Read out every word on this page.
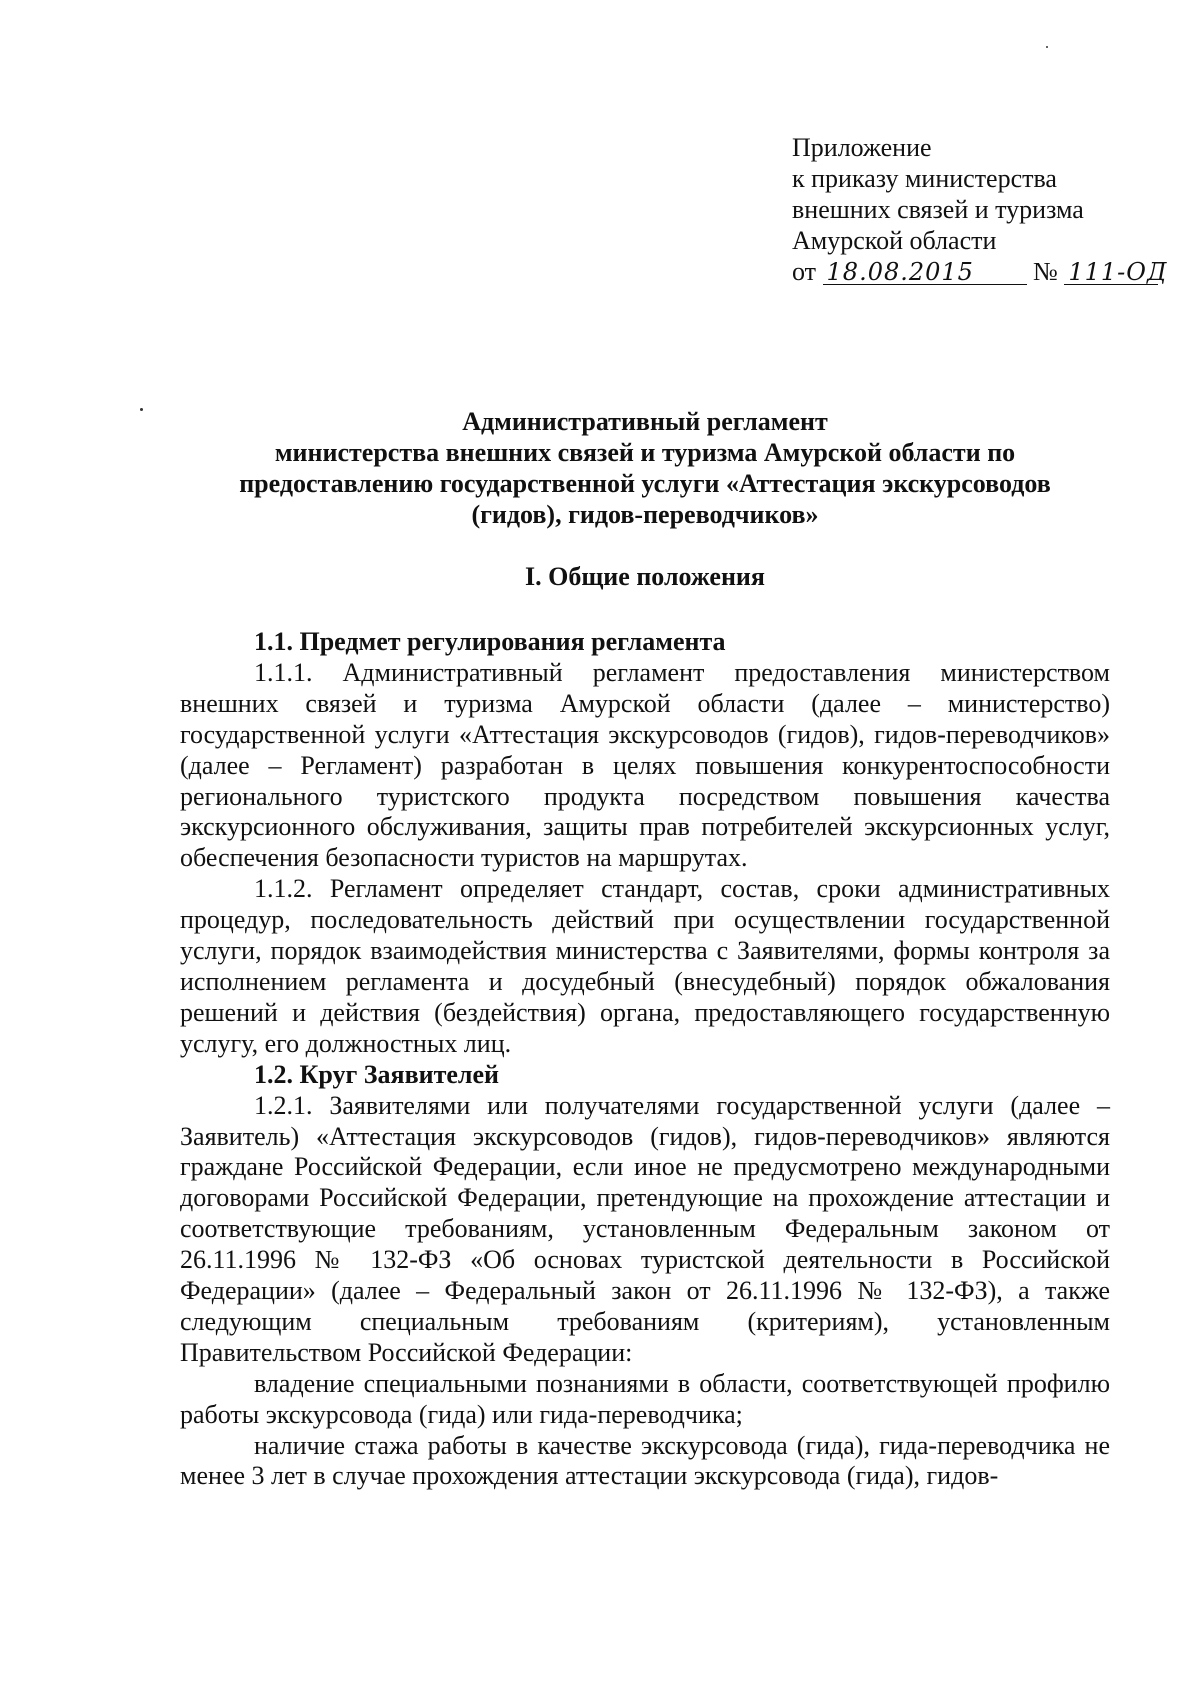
Приложение
к приказу министерства
внешних связей и туризма
Амурской области
от 18.08.2015 № 111-ОД
Административный регламент
министерства внешних связей и туризма Амурской области по
предоставлению государственной услуги «Аттестация экскурсоводов
(гидов), гидов-переводчиков»
I. Общие положения
1.1. Предмет регулирования регламента

1.1.1. Административный регламент предоставления министерством внешних связей и туризма Амурской области (далее – министерство) государственной услуги «Аттестация экскурсоводов (гидов), гидов-переводчиков» (далее – Регламент) разработан в целях повышения конкурентоспособности регионального туристского продукта посредством повышения качества экскурсионного обслуживания, защиты прав потребителей экскурсионных услуг, обеспечения безопасности туристов на маршрутах.

1.1.2. Регламент определяет стандарт, состав, сроки административных процедур, последовательность действий при осуществлении государственной услуги, порядок взаимодействия министерства с Заявителями, формы контроля за исполнением регламента и досудебный (внесудебный) порядок обжалования решений и действия (бездействия) органа, предоставляющего государственную услугу, его должностных лиц.

1.2. Круг Заявителей

1.2.1. Заявителями или получателями государственной услуги (далее – Заявитель) «Аттестация экскурсоводов (гидов), гидов-переводчиков» являются граждане Российской Федерации, если иное не предусмотрено международными договорами Российской Федерации, претендующие на прохождение аттестации и соответствующие требованиям, установленным Федеральным законом от 26.11.1996 № 132-ФЗ «Об основах туристской деятельности в Российской Федерации» (далее – Федеральный закон от 26.11.1996 № 132-ФЗ), а также следующим специальным требованиям (критериям), установленным Правительством Российской Федерации:

владение специальными познаниями в области, соответствующей профилю работы экскурсовода (гида) или гида-переводчика;

наличие стажа работы в качестве экскурсовода (гида), гида-переводчика не менее 3 лет в случае прохождения аттестации экскурсовода (гида), гидов-
